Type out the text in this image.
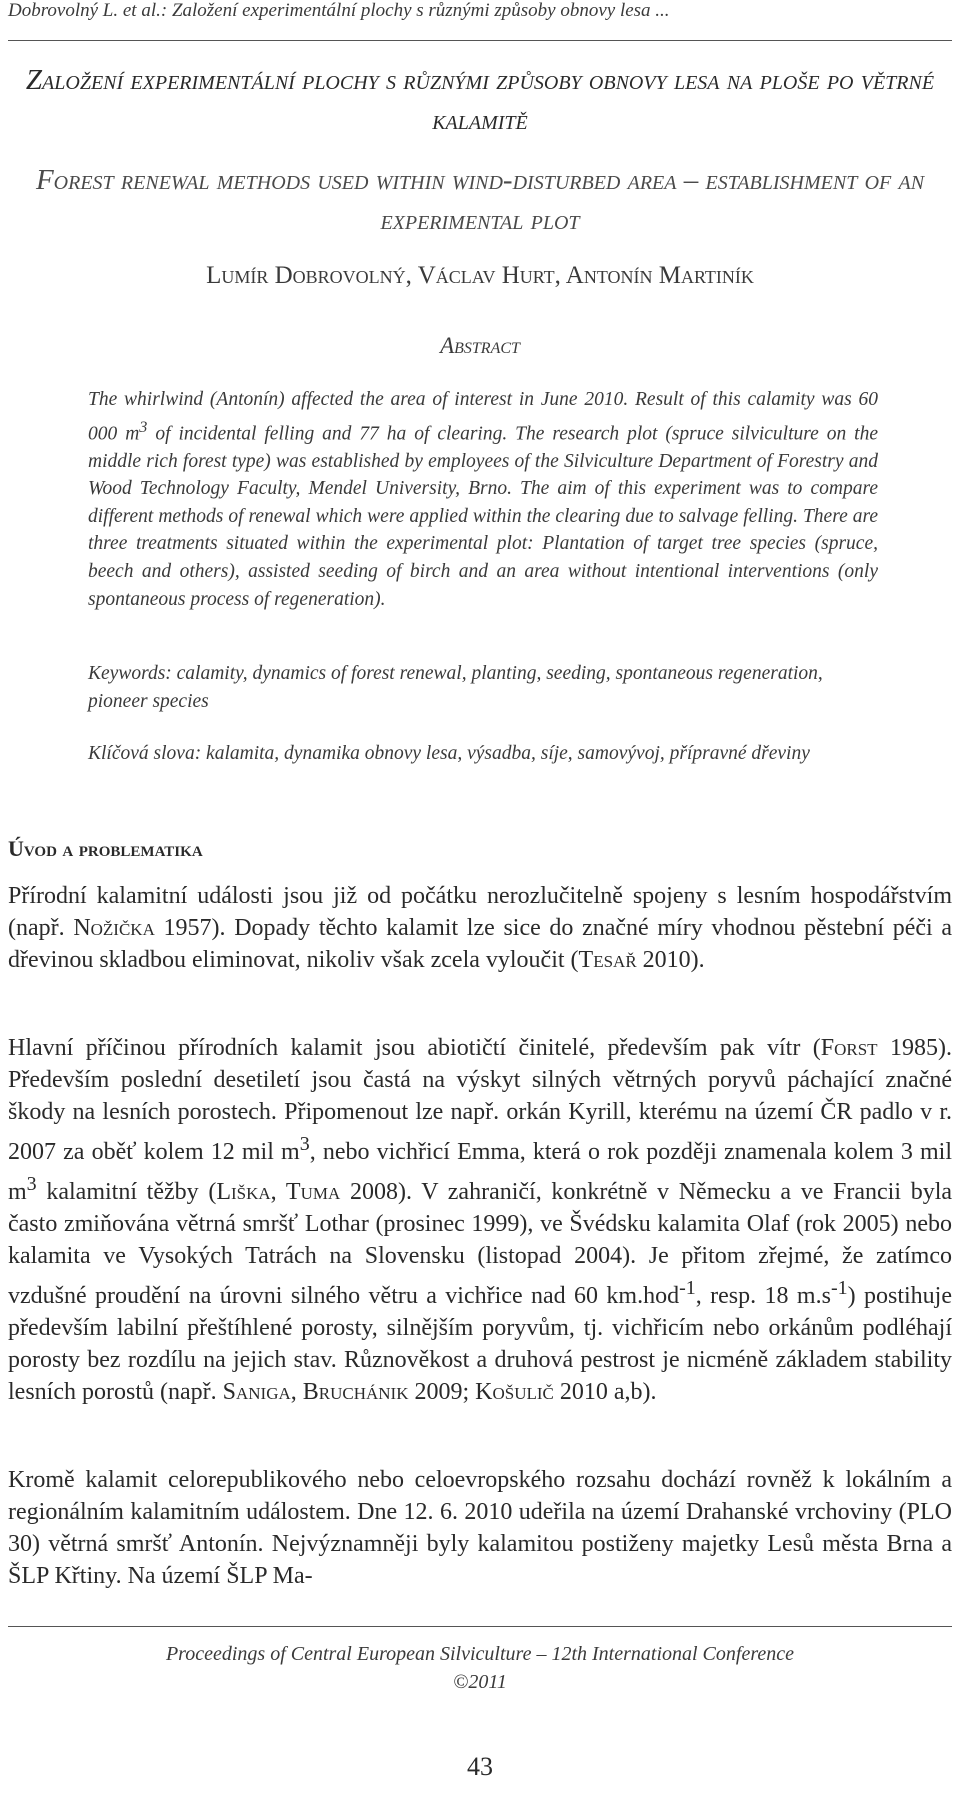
Dobrovolný L. et al.: Založení experimentální plochy s různými způsoby obnovy lesa ...
Založení experimentální plochy s různými způsoby obnovy lesa na ploše po větrné kalamitě
Forest renewal methods used within wind-disturbed area – establishment of an experimental plot
Lumír Dobrovolný, Václav Hurt, Antonín Martiník
Abstract
The whirlwind (Antonín) affected the area of interest in June 2010. Result of this calamity was 60 000 $m^3$ of incidental felling and 77 ha of clearing. The research plot (spruce silviculture on the middle rich forest type) was established by employees of the Silviculture Department of Forestry and Wood Technology Faculty, Mendel University, Brno. The aim of this experiment was to compare different methods of renewal which were applied within the clearing due to salvage felling. There are three treatments situated within the experimental plot: Plantation of target tree species (spruce, beech and others), assisted seeding of birch and an area without intentional interventions (only spontaneous process of regeneration).
Keywords: calamity, dynamics of forest renewal, planting, seeding, spontaneous regeneration, pioneer species
Klíčová slova: kalamita, dynamika obnovy lesa, výsadba, síje, samovývoj, přípravné dřeviny
Úvod a problematika
Přírodní kalamitní události jsou již od počátku nerozlučitelně spojeny s lesním hospodářstvím (např. Nožička 1957). Dopady těchto kalamit lze sice do značné míry vhodnou pěstební péči a dřevinou skladbou eliminovat, nikoliv však zcela vyloučit (Tesař 2010).
Hlavní příčinou přírodních kalamit jsou abiotičtí činitelé, především pak vítr (Forst 1985). Především poslední desetiletí jsou častá na výskyt silných větrných poryvů páchající značné škody na lesních porostech. Připomenout lze např. orkán Kyrill, kterému na území ČR padlo v r. 2007 za oběť kolem 12 mil $m^3$, nebo vichřicí Emma, která o rok později znamenala kolem 3 mil $m^3$ kalamitní těžby (Liška, Tuma 2008). V zahraničí, konkrétně v Německu a ve Francii byla často zmiňována větrná smršť Lothar (prosinec 1999), ve Švédsku kalamita Olaf (rok 2005) nebo kalamita ve Vysokých Tatrách na Slovensku (listopad 2004). Je přitom zřejmé, že zatímco vzdušné proudění na úrovni silného větru a vichřice nad 60 km.hod$^{-1}$, resp. 18 $m.s^{-1}$) postihuje především labilní přeštíhlené porosty, silnějším poryvům, tj. vichřicím nebo orkánům podléhají porosty bez rozdílu na jejich stav. Různověkost a druhová pestrost je nicméně základem stability lesních porostů (např. Saniga, Bruchánik 2009; Košulič 2010 a,b).
Kromě kalamit celorepublikového nebo celoevropského rozsahu dochází rovněž k lokálním a regionálním kalamitním událostem. Dne 12. 6. 2010 udeřila na území Drahanské vrchoviny (PLO 30) větrná smršť Antonín. Nejvýznamněji byly kalamitou postiženy majetky Lesů města Brna a ŠLP Křtiny. Na území ŠLP Ma-
Proceedings of Central European Silviculture – 12th International Conference
©2011
43
